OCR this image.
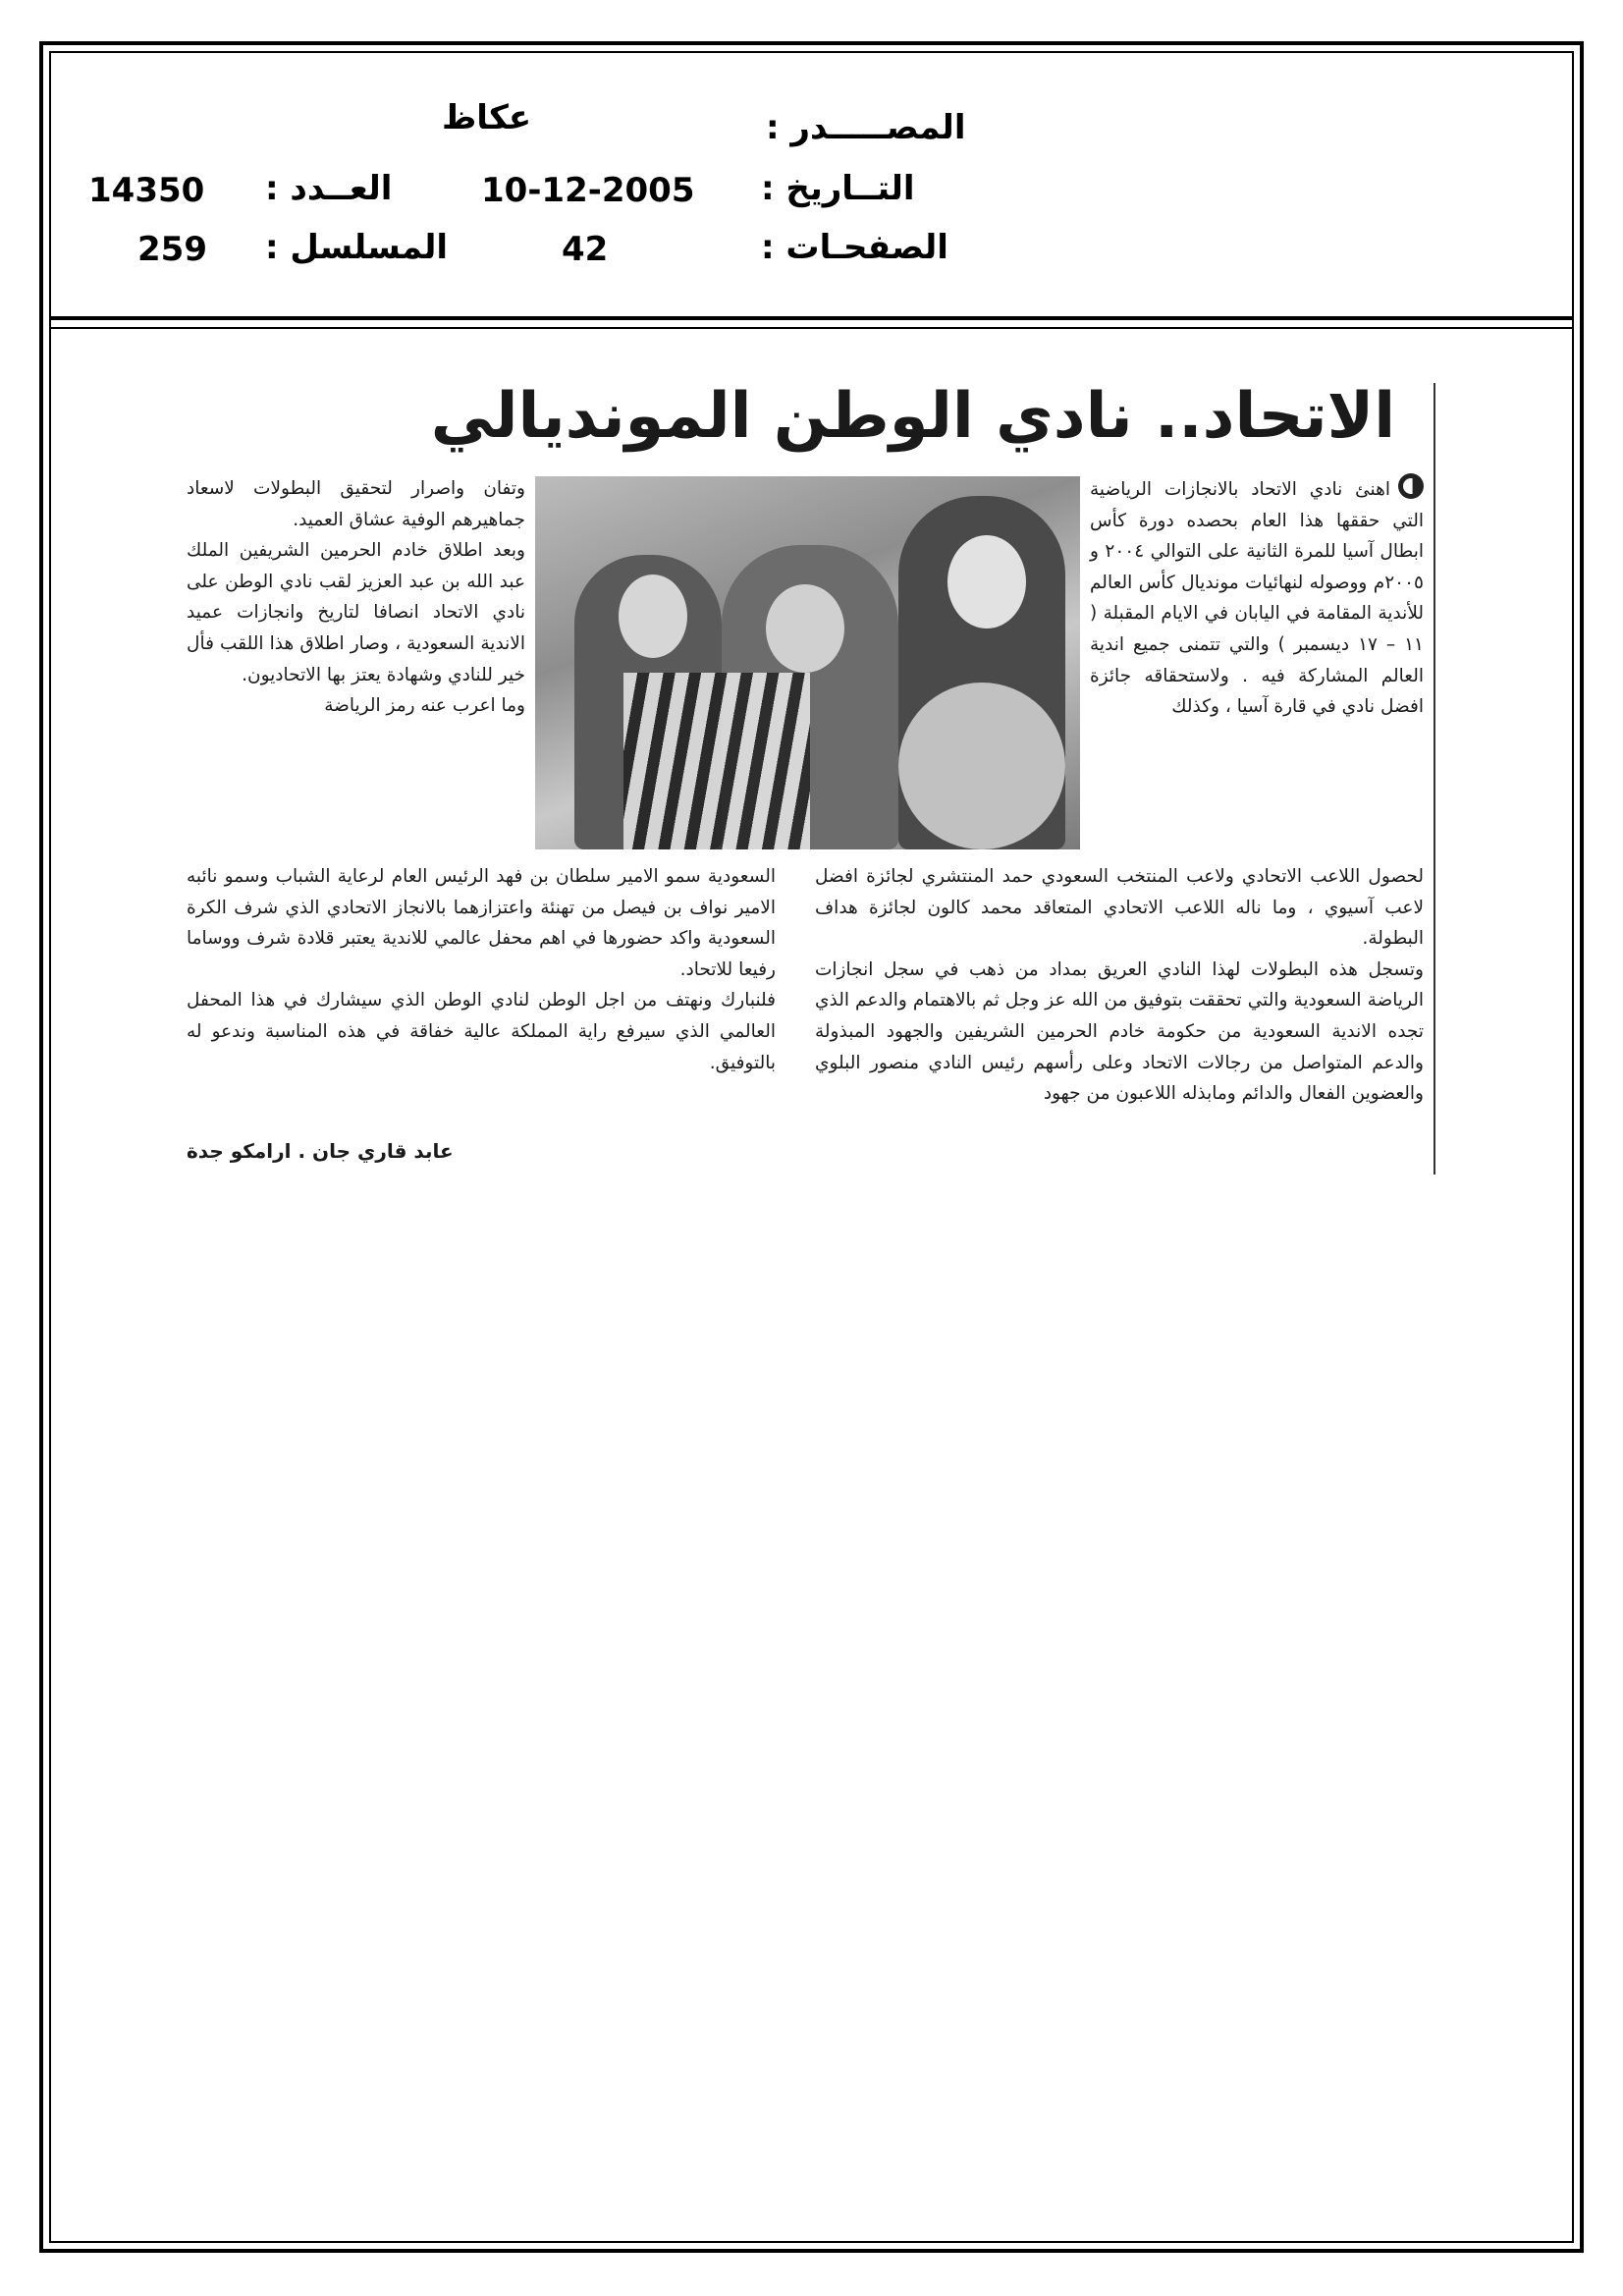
المصـــــدر :
عكاظ
التــاريخ :
10-12-2005
العــدد :
14350
الصفحـات :
42
المسلسل :
259
الاتحاد.. نادي الوطن المونديالي

اهنئ نادي الاتحاد بالانجازات الرياضية التي حققها هذا العام بحصده دورة كأس ابطال آسيا للمرة الثانية على التوالي ٢٠٠٤ و ٢٠٠٥م ووصوله لنهائيات مونديال كأس العالم للأندية المقامة في اليابان في الايام المقبلة ( ١١ – ١٧ ديسمبر ) والتي تتمنى جميع اندية العالم المشاركة فيه . ولاستحقاقه جائزة افضل نادي في قارة آسيا ، وكذلك

وتفان واصرار لتحقيق البطولات لاسعاد جماهيرهم الوفية عشاق العميد.

وبعد اطلاق خادم الحرمين الشريفين الملك عبد الله بن عبد العزيز لقب نادي الوطن على نادي الاتحاد انصافا لتاريخ وانجازات عميد الاندية السعودية ، وصار اطلاق هذا اللقب فأل خير للنادي وشهادة يعتز بها الاتحاديون.

وما اعرب عنه رمز الرياضة

لحصول اللاعب الاتحادي ولاعب المنتخب السعودي حمد المنتشري لجائزة افضل لاعب آسيوي ، وما ناله اللاعب الاتحادي المتعاقد محمد كالون لجائزة هداف البطولة.

وتسجل هذه البطولات لهذا النادي العريق بمداد من ذهب في سجل انجازات الرياضة السعودية والتي تحققت بتوفيق من الله عز وجل ثم بالاهتمام والدعم الذي تجده الاندية السعودية من حكومة خادم الحرمين الشريفين والجهود المبذولة والدعم المتواصل من رجالات الاتحاد وعلى رأسهم رئيس النادي منصور البلوي والعضوين الفعال والدائم ومابذله اللاعبون من جهود

السعودية سمو الامير سلطان بن فهد الرئيس العام لرعاية الشباب وسمو نائبه الامير نواف بن فيصل من تهنئة واعتزازهما بالانجاز الاتحادي الذي شرف الكرة السعودية واكد حضورها في اهم محفل عالمي للاندية يعتبر قلادة شرف ووساما رفيعا للاتحاد.

فلنبارك ونهتف من اجل الوطن لنادي الوطن الذي سيشارك في هذا المحفل العالمي الذي سيرفع راية المملكة عالية خفاقة في هذه المناسبة وندعو له بالتوفيق.

عابد قاري جان . ارامكو جدة
